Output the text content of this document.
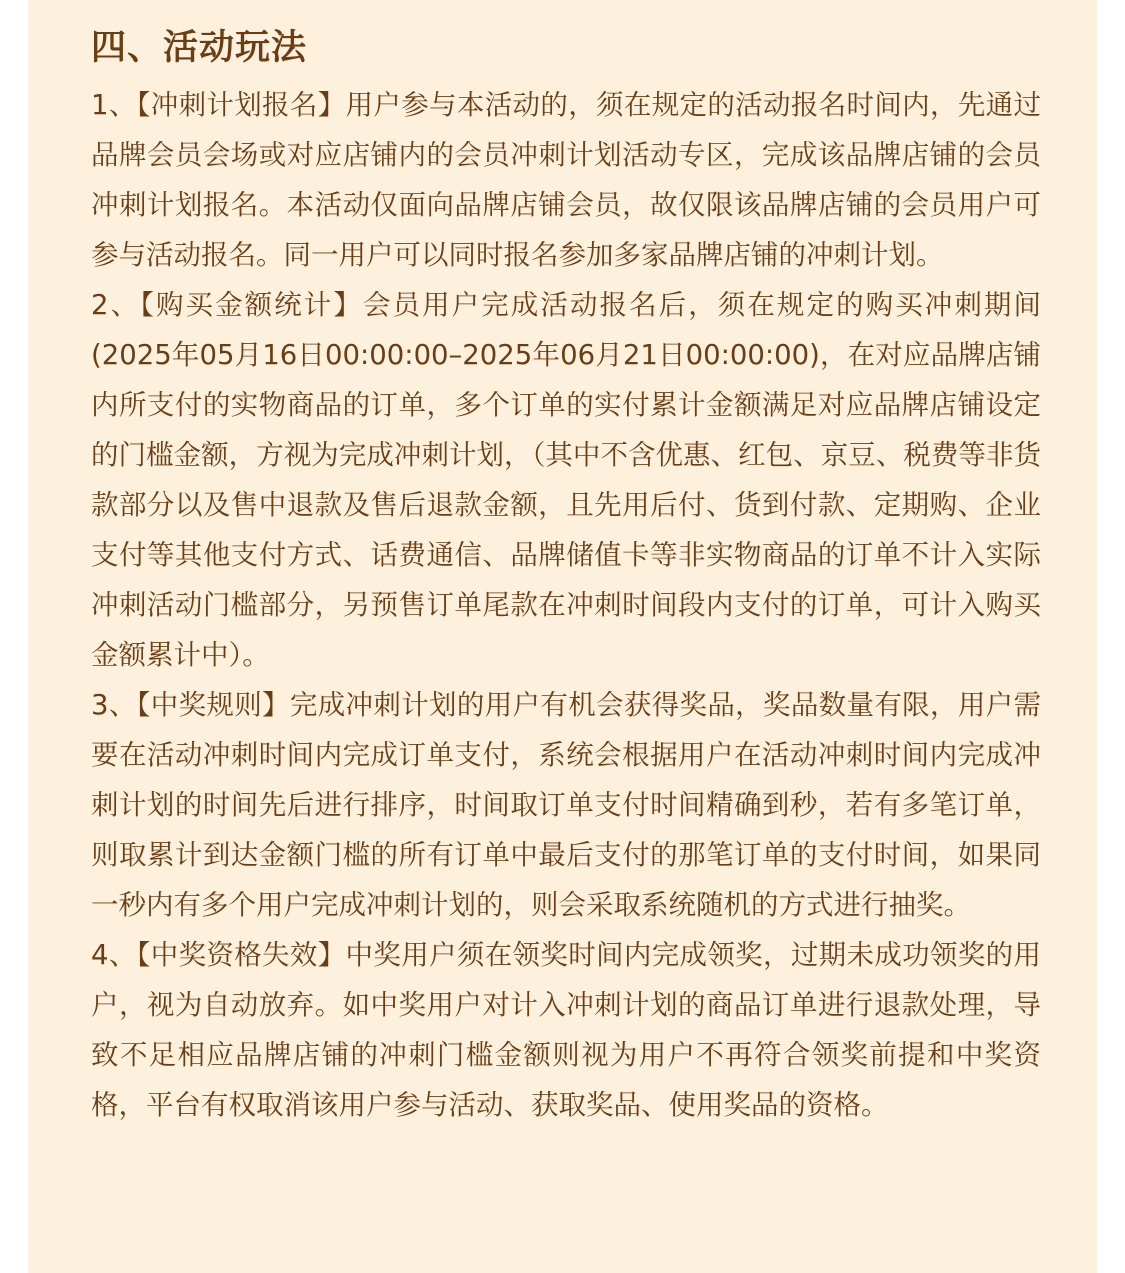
四、活动玩法

1、【冲刺计划报名】用户参与本活动的，须在规定的活动报名时间内，先通过品牌会员会场或对应店铺内的会员冲刺计划活动专区，完成该品牌店铺的会员冲刺计划报名。本活动仅面向品牌店铺会员，故仅限该品牌店铺的会员用户可参与活动报名。同一用户可以同时报名参加多家品牌店铺的冲刺计划。

2、【购买金额统计】会员用户完成活动报名后，须在规定的购买冲刺期间(2025年05月16日00:00:00–2025年06月21日00:00:00)，在对应品牌店铺内所支付的实物商品的订单，多个订单的实付累计金额满足对应品牌店铺设定的门槛金额，方视为完成冲刺计划，（其中不含优惠、红包、京豆、税费等非货款部分以及售中退款及售后退款金额，且先用后付、货到付款、定期购、企业支付等其他支付方式、话费通信、品牌储值卡等非实物商品的订单不计入实际冲刺活动门槛部分，另预售订单尾款在冲刺时间段内支付的订单，可计入购买金额累计中）。

3、【中奖规则】完成冲刺计划的用户有机会获得奖品，奖品数量有限，用户需要在活动冲刺时间内完成订单支付，系统会根据用户在活动冲刺时间内完成冲刺计划的时间先后进行排序，时间取订单支付时间精确到秒，若有多笔订单，则取累计到达金额门槛的所有订单中最后支付的那笔订单的支付时间，如果同一秒内有多个用户完成冲刺计划的，则会采取系统随机的方式进行抽奖。

4、【中奖资格失效】中奖用户须在领奖时间内完成领奖，过期未成功领奖的用户，视为自动放弃。如中奖用户对计入冲刺计划的商品订单进行退款处理，导致不足相应品牌店铺的冲刺门槛金额则视为用户不再符合领奖前提和中奖资格，平台有权取消该用户参与活动、获取奖品、使用奖品的资格。
